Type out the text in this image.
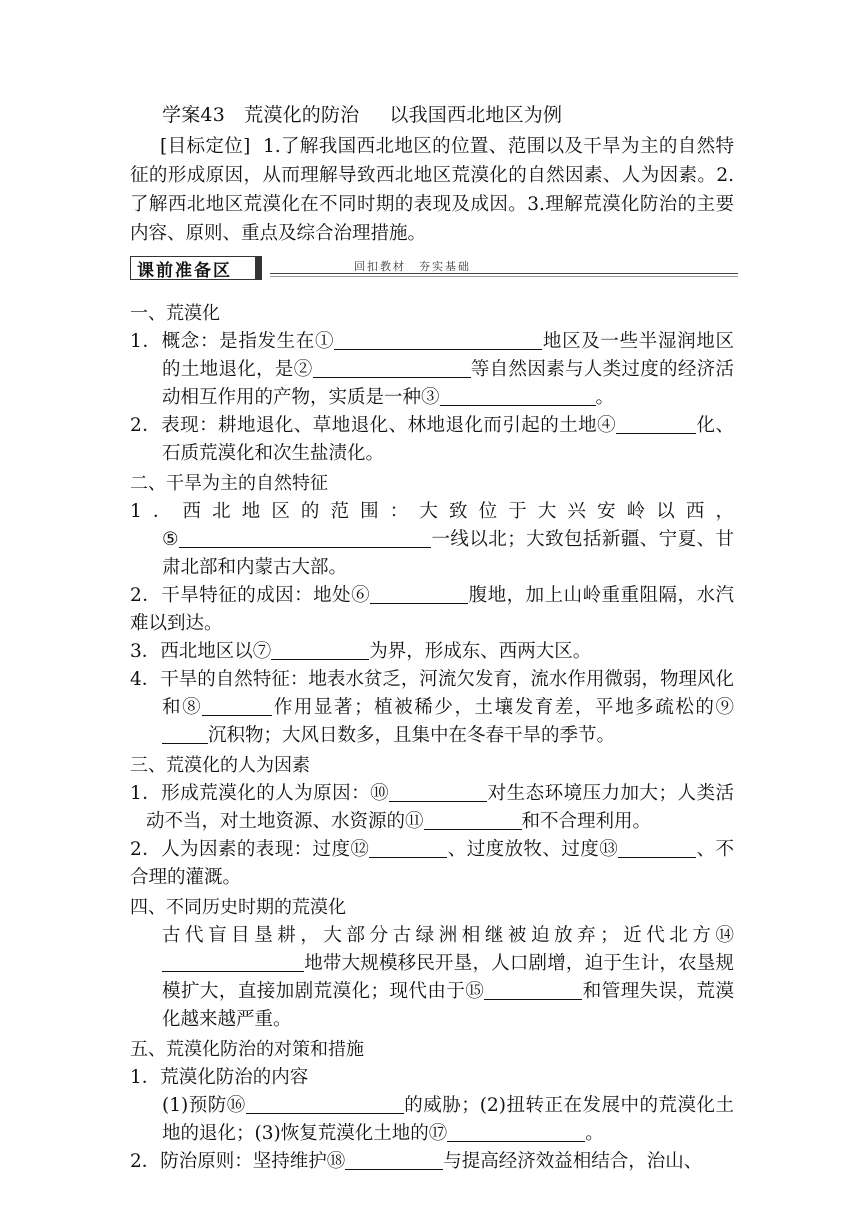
学案43　荒漠化的防治 以我国西北地区为例
[目标定位] 1.了解我国西北地区的位置、范围以及干旱为主的自然特征的形成原因，从而理解导致西北地区荒漠化的自然因素、人为因素。2.了解西北地区荒漠化在不同时期的表现及成因。3.理解荒漠化防治的主要内容、原则、重点及综合治理措施。
课前准备区	回扣教材　夯实基础
一、荒漠化
1．概念：是指发生在①	地区及一些半湿润地区的土地退化，是②	等自然因素与人类过度的经济活动相互作用的产物，实质是一种③	。
2．表现：耕地退化、草地退化、林地退化而引起的土地④	化、石质荒漠化和次生盐渍化。
二、干旱为主的自然特征
1．西北地区的范围：大致位于大兴安岭以西，
⑤	一线以北；大致包括新疆、宁夏、甘肃北部和内蒙古大部。
2．干旱特征的成因：地处⑥	腹地，加上山岭重重阻隔，水汽难以到达。
3．西北地区以⑦	为界，形成东、西两大区。
4．干旱的自然特征：地表水贫乏，河流欠发育，流水作用微弱，物理风化和⑧	作用显著；植被稀少，土壤发育差，平地多疏松的⑨沉积物；大风日数多，且集中在冬春干旱的季节。
三、荒漠化的人为因素
1．形成荒漠化的人为原因：⑩	对生态环境压力加大；人类活动不当，对土地资源、水资源的⑪	和不合理利用。
2．人为因素的表现：过度⑫	、过度放牧、过度⑬	、不合理的灌溉。
四、不同历史时期的荒漠化
古代盲目垦耕，大部分古绿洲相继被迫放弃；近代北方⑭地带大规模移民开垦，人口剧增，迫于生计，农垦规模扩大，直接加剧荒漠化；现代由于⑮	和管理失误，荒漠化越来越严重。
五、荒漠化防治的对策和措施
1．荒漠化防治的内容
(1)预防⑯	的威胁；(2)扭转正在发展中的荒漠化土地的退化；(3)恢复荒漠化土地的⑰	。
2．防治原则：坚持维护⑱	与提高经济效益相结合，治山、
